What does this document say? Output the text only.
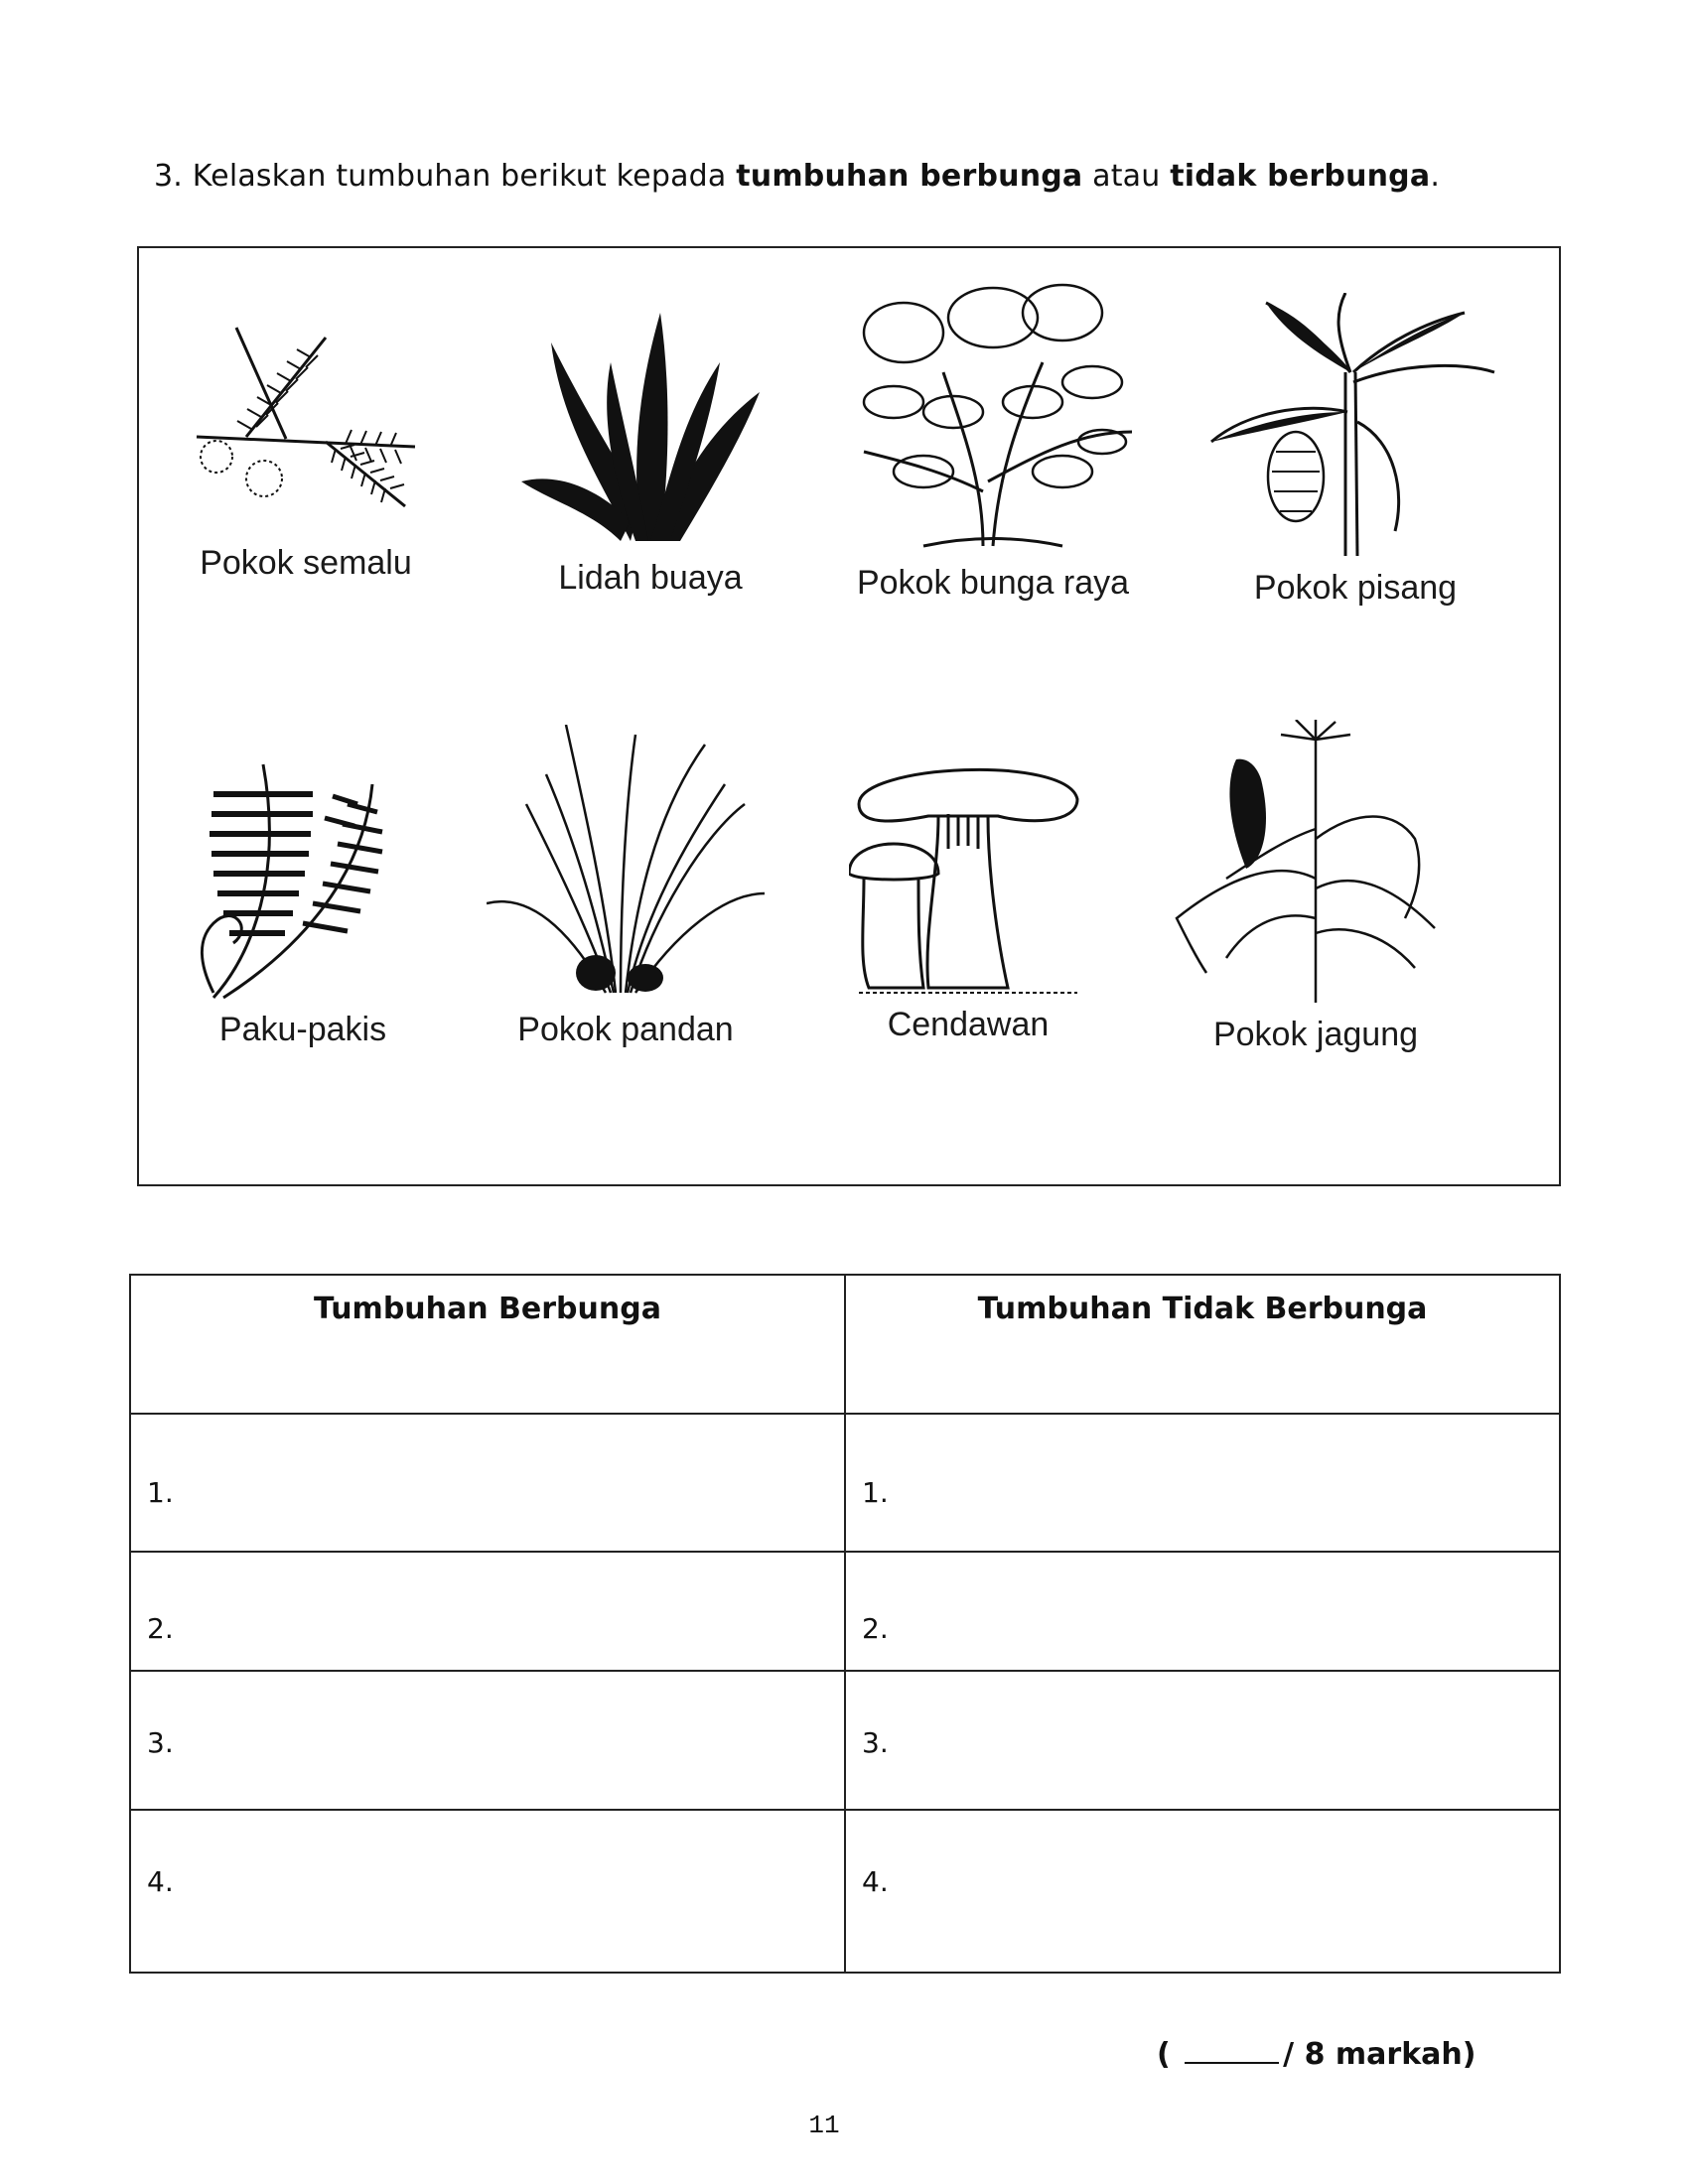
3. Kelaskan tumbuhan berikut kepada tumbuhan berbunga atau tidak berbunga.
Pokok semalu	Lidah buaya	Pokok bunga raya	Pokok pisang
Paku-pakis	Pokok pandan	Cendawan	Pokok jagung
Tumbuhan Berbunga	Tumbuhan Tidak Berbunga
1.	1.
2.	2.
3.	3.
4.	4.
(	/ 8 markah)
11
